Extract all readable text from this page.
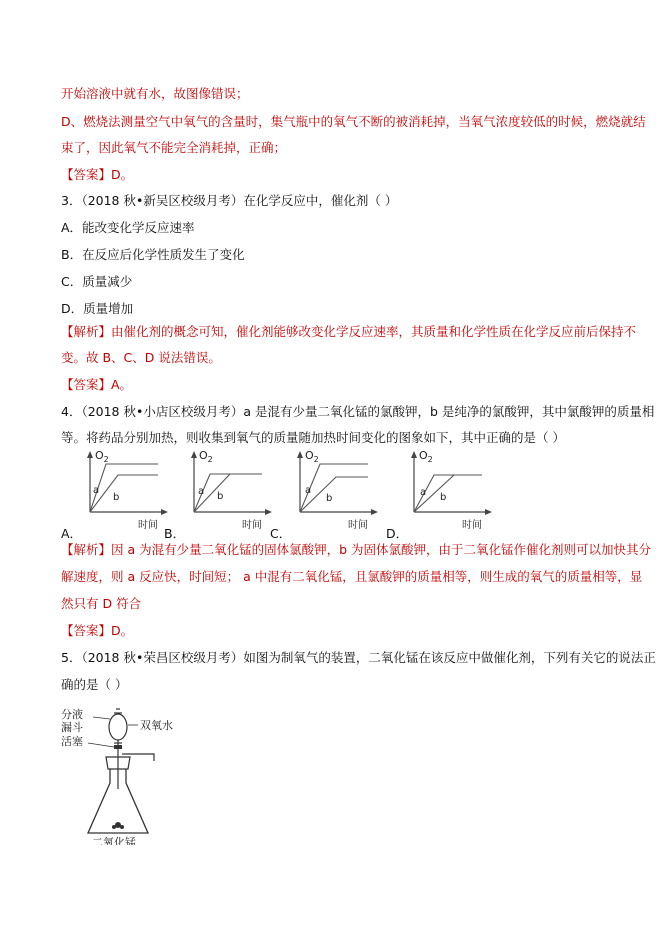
开始溶液中就有水，故图像错误；
D、燃烧法测量空气中氧气的含量时，集气瓶中的氧气不断的被消耗掉，当氧气浓度较低的时候，燃烧就结
束了，因此氧气不能完全消耗掉，正确；
【答案】D。
3．（2018 秋•新吴区校级月考）在化学反应中，催化剂（ ）
A．能改变化学反应速率
B．在反应后化学性质发生了变化
C．质量减少
D．质量增加
【解析】由催化剂的概念可知，催化剂能够改变化学反应速率，其质量和化学性质在化学反应前后保持不
变。故 B、C、D 说法错误。
【答案】A。
4．（2018 秋•小店区校级月考）a 是混有少量二氧化锰的氯酸钾，b 是纯净的氯酸钾，其中氯酸钾的质量相
等。将药品分别加热，则收集到氧气的质量随加热时间变化的图象如下，其中正确的是（ ）
$O_2$
a
b
时间
$O_2$
a b
时间
$O_2$
a
b
时间
$O_2$
a b
时间
A．	B．	C．	D．
【解析】因 a 为混有少量二氧化锰的固体氯酸钾，b 为固体氯酸钾，由于二氧化锰作催化剂则可以加快其分
解速度，则 a 反应快，时间短； a 中混有二氧化锰，且氯酸钾的质量相等，则生成的氧气的质量相等，显
然只有 D 符合
【答案】D。
5．（2018 秋•荣昌区校级月考）如图为制氧气的装置，二氧化锰在该反应中做催化剂，下列有关它的说法正
确的是（ ）
分液
漏斗
活塞
双氧水
二氧化锰
